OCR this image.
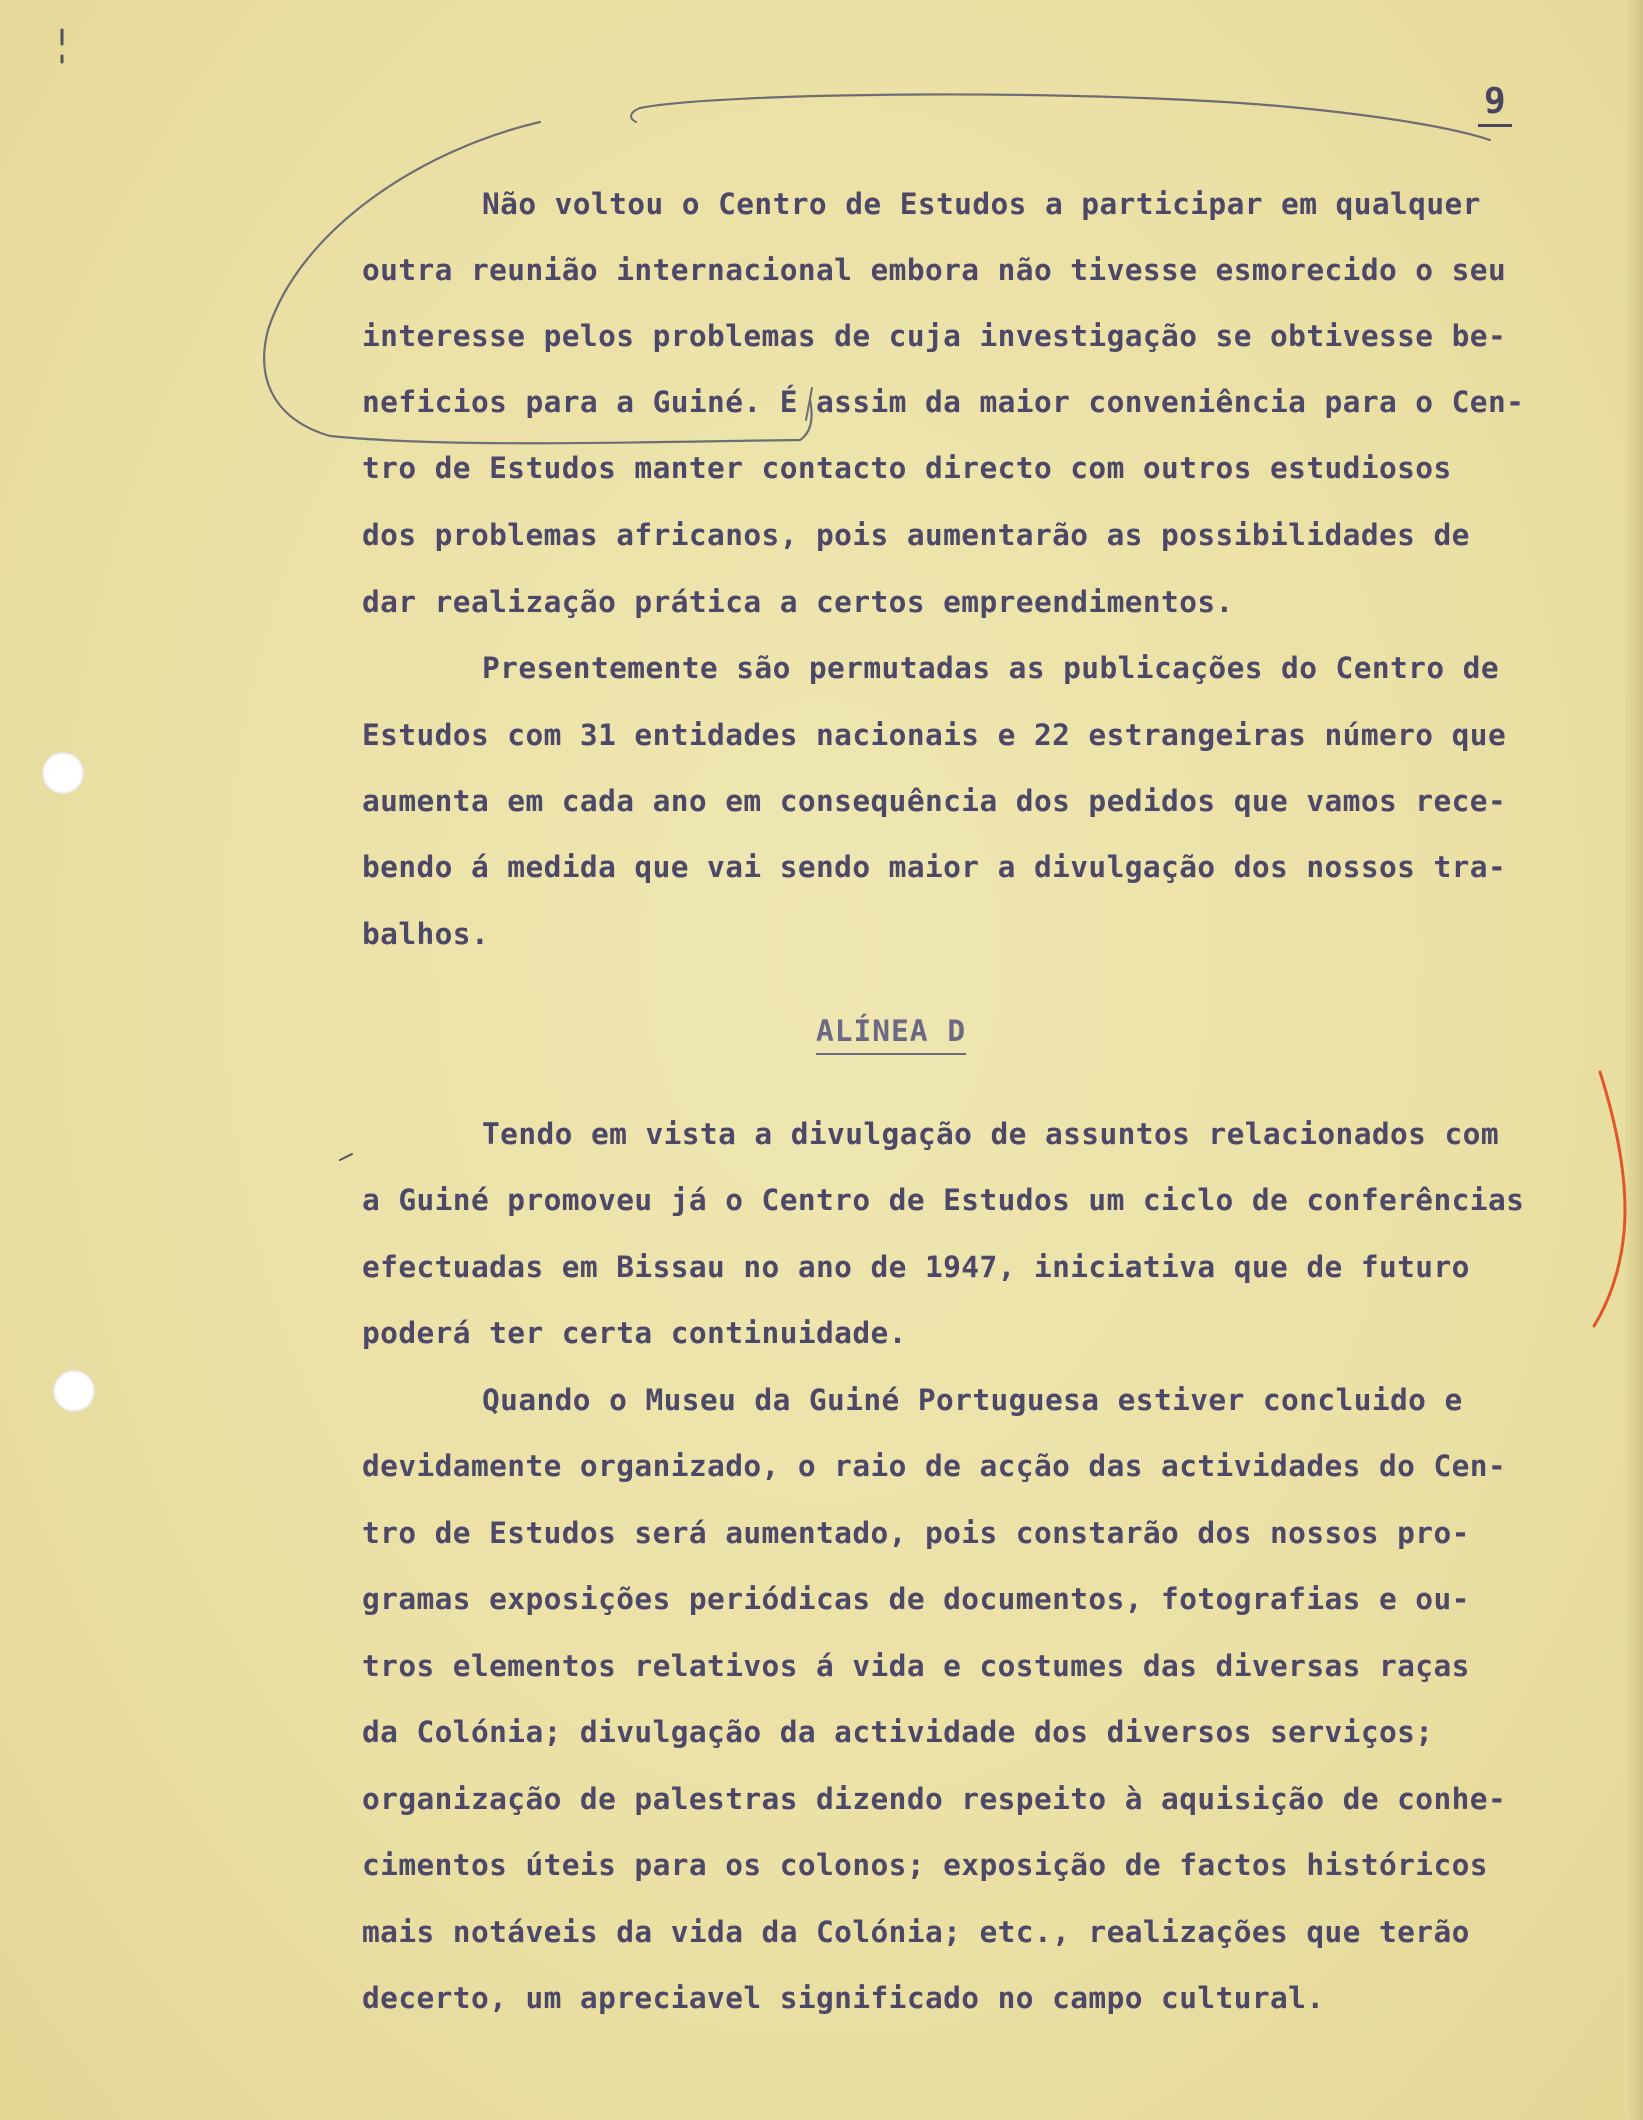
9
Não voltou o Centro de Estudos a participar em qualquer
outra reunião internacional embora não tivesse esmorecido o seu
interesse pelos problemas de cuja investigação se obtivesse be-
neficios para a Guiné. É assim da maior conveniência para o Cen-
tro de Estudos manter contacto directo com outros estudiosos
dos problemas africanos, pois aumentarão as possibilidades de
dar realização prática a certos empreendimentos.
Presentemente são permutadas as publicações do Centro de
Estudos com 31 entidades nacionais e 22 estrangeiras número que
aumenta em cada ano em consequência dos pedidos que vamos rece-
bendo á medida que vai sendo maior a divulgação dos nossos tra-
balhos.
ALÍNEA D
Tendo em vista a divulgação de assuntos relacionados com
a Guiné promoveu já o Centro de Estudos um ciclo de conferências
efectuadas em Bissau no ano de 1947, iniciativa que de futuro
poderá ter certa continuidade.
Quando o Museu da Guiné Portuguesa estiver concluido e
devidamente organizado, o raio de acção das actividades do Cen-
tro de Estudos será aumentado, pois constarão dos nossos pro-
gramas exposições periódicas de documentos, fotografias e ou-
tros elementos relativos á vida e costumes das diversas raças
da Colónia; divulgação da actividade dos diversos serviços;
organização de palestras dizendo respeito à aquisição de conhe-
cimentos úteis para os colonos; exposição de factos históricos
mais notáveis da vida da Colónia; etc., realizações que terão
decerto, um apreciavel significado no campo cultural.
